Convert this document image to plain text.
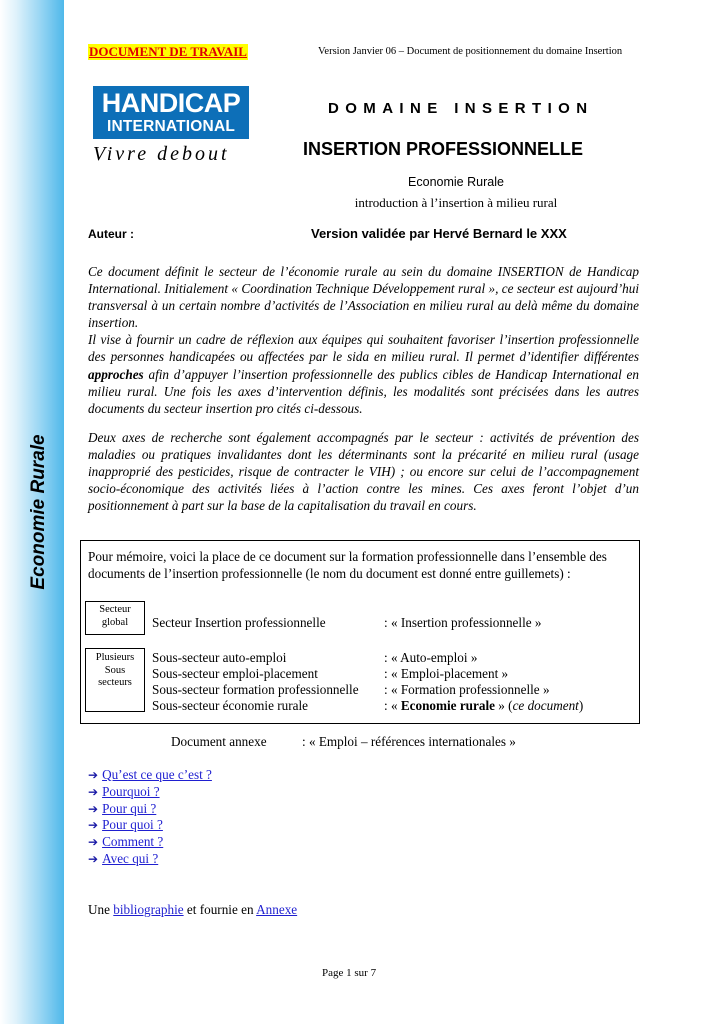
Economie Rurale
DOCUMENT DE TRAVAIL	Version Janvier 06 – Document de positionnement du domaine Insertion
HANDICAP
INTERNATIONAL
Vivre debout
DOMAINE INSERTION
INSERTION PROFESSIONNELLE
Economie Rurale
introduction à l’insertion à milieu rural
Auteur :	Version validée par Hervé Bernard le XXX

Ce document définit le secteur de l’économie rurale au sein du domaine INSERTION de Handicap International. Initialement « Coordination Technique Développement rural », ce secteur est aujourd’hui transversal à un certain nombre d’activités de l’Association en milieu rural au delà même du domaine insertion.

Il vise à fournir un cadre de réflexion aux équipes qui souhaitent favoriser l’insertion professionnelle des personnes handicapées ou affectées par le sida en milieu rural. Il permet d’identifier différentes approches afin d’appuyer l’insertion professionnelle des publics cibles de Handicap International en milieu rural. Une fois les axes d’intervention définis, les modalités sont précisées dans les autres documents du secteur insertion pro cités ci-dessous.

Deux axes de recherche sont également accompagnés par le secteur : activités de prévention des maladies ou pratiques invalidantes dont les déterminants sont la précarité en milieu rural (usage inapproprié des pesticides, risque de contracter le VIH) ; ou encore sur celui de l’accompagnement socio-économique des activités liées à l’action contre les mines. Ces axes feront l’objet d’un positionnement à part sur la base de la capitalisation du travail en cours.

Pour mémoire, voici la place de ce document sur la formation professionnelle dans l’ensemble des documents de l’insertion professionnelle (le nom du document est donné entre guillemets) :
Secteur
global
Plusieurs
Sous
secteurs
Secteur Insertion professionnelle	: « Insertion professionnelle »
Sous-secteur auto-emploi	: « Auto-emploi »
Sous-secteur emploi-placement	: « Emploi-placement »
Sous-secteur formation professionnelle : « Formation professionnelle »
Sous-secteur économie rurale	: « Economie rurale » (ce document)
Document annexe	: « Emploi – références internationales »
➔ Qu’est ce que c’est ?
➔ Pourquoi ?
➔ Pour qui ?
➔ Pour quoi ?
➔ Comment ?
➔ Avec qui ?
Une bibliographie et fournie en Annexe
Page 1 sur 7
